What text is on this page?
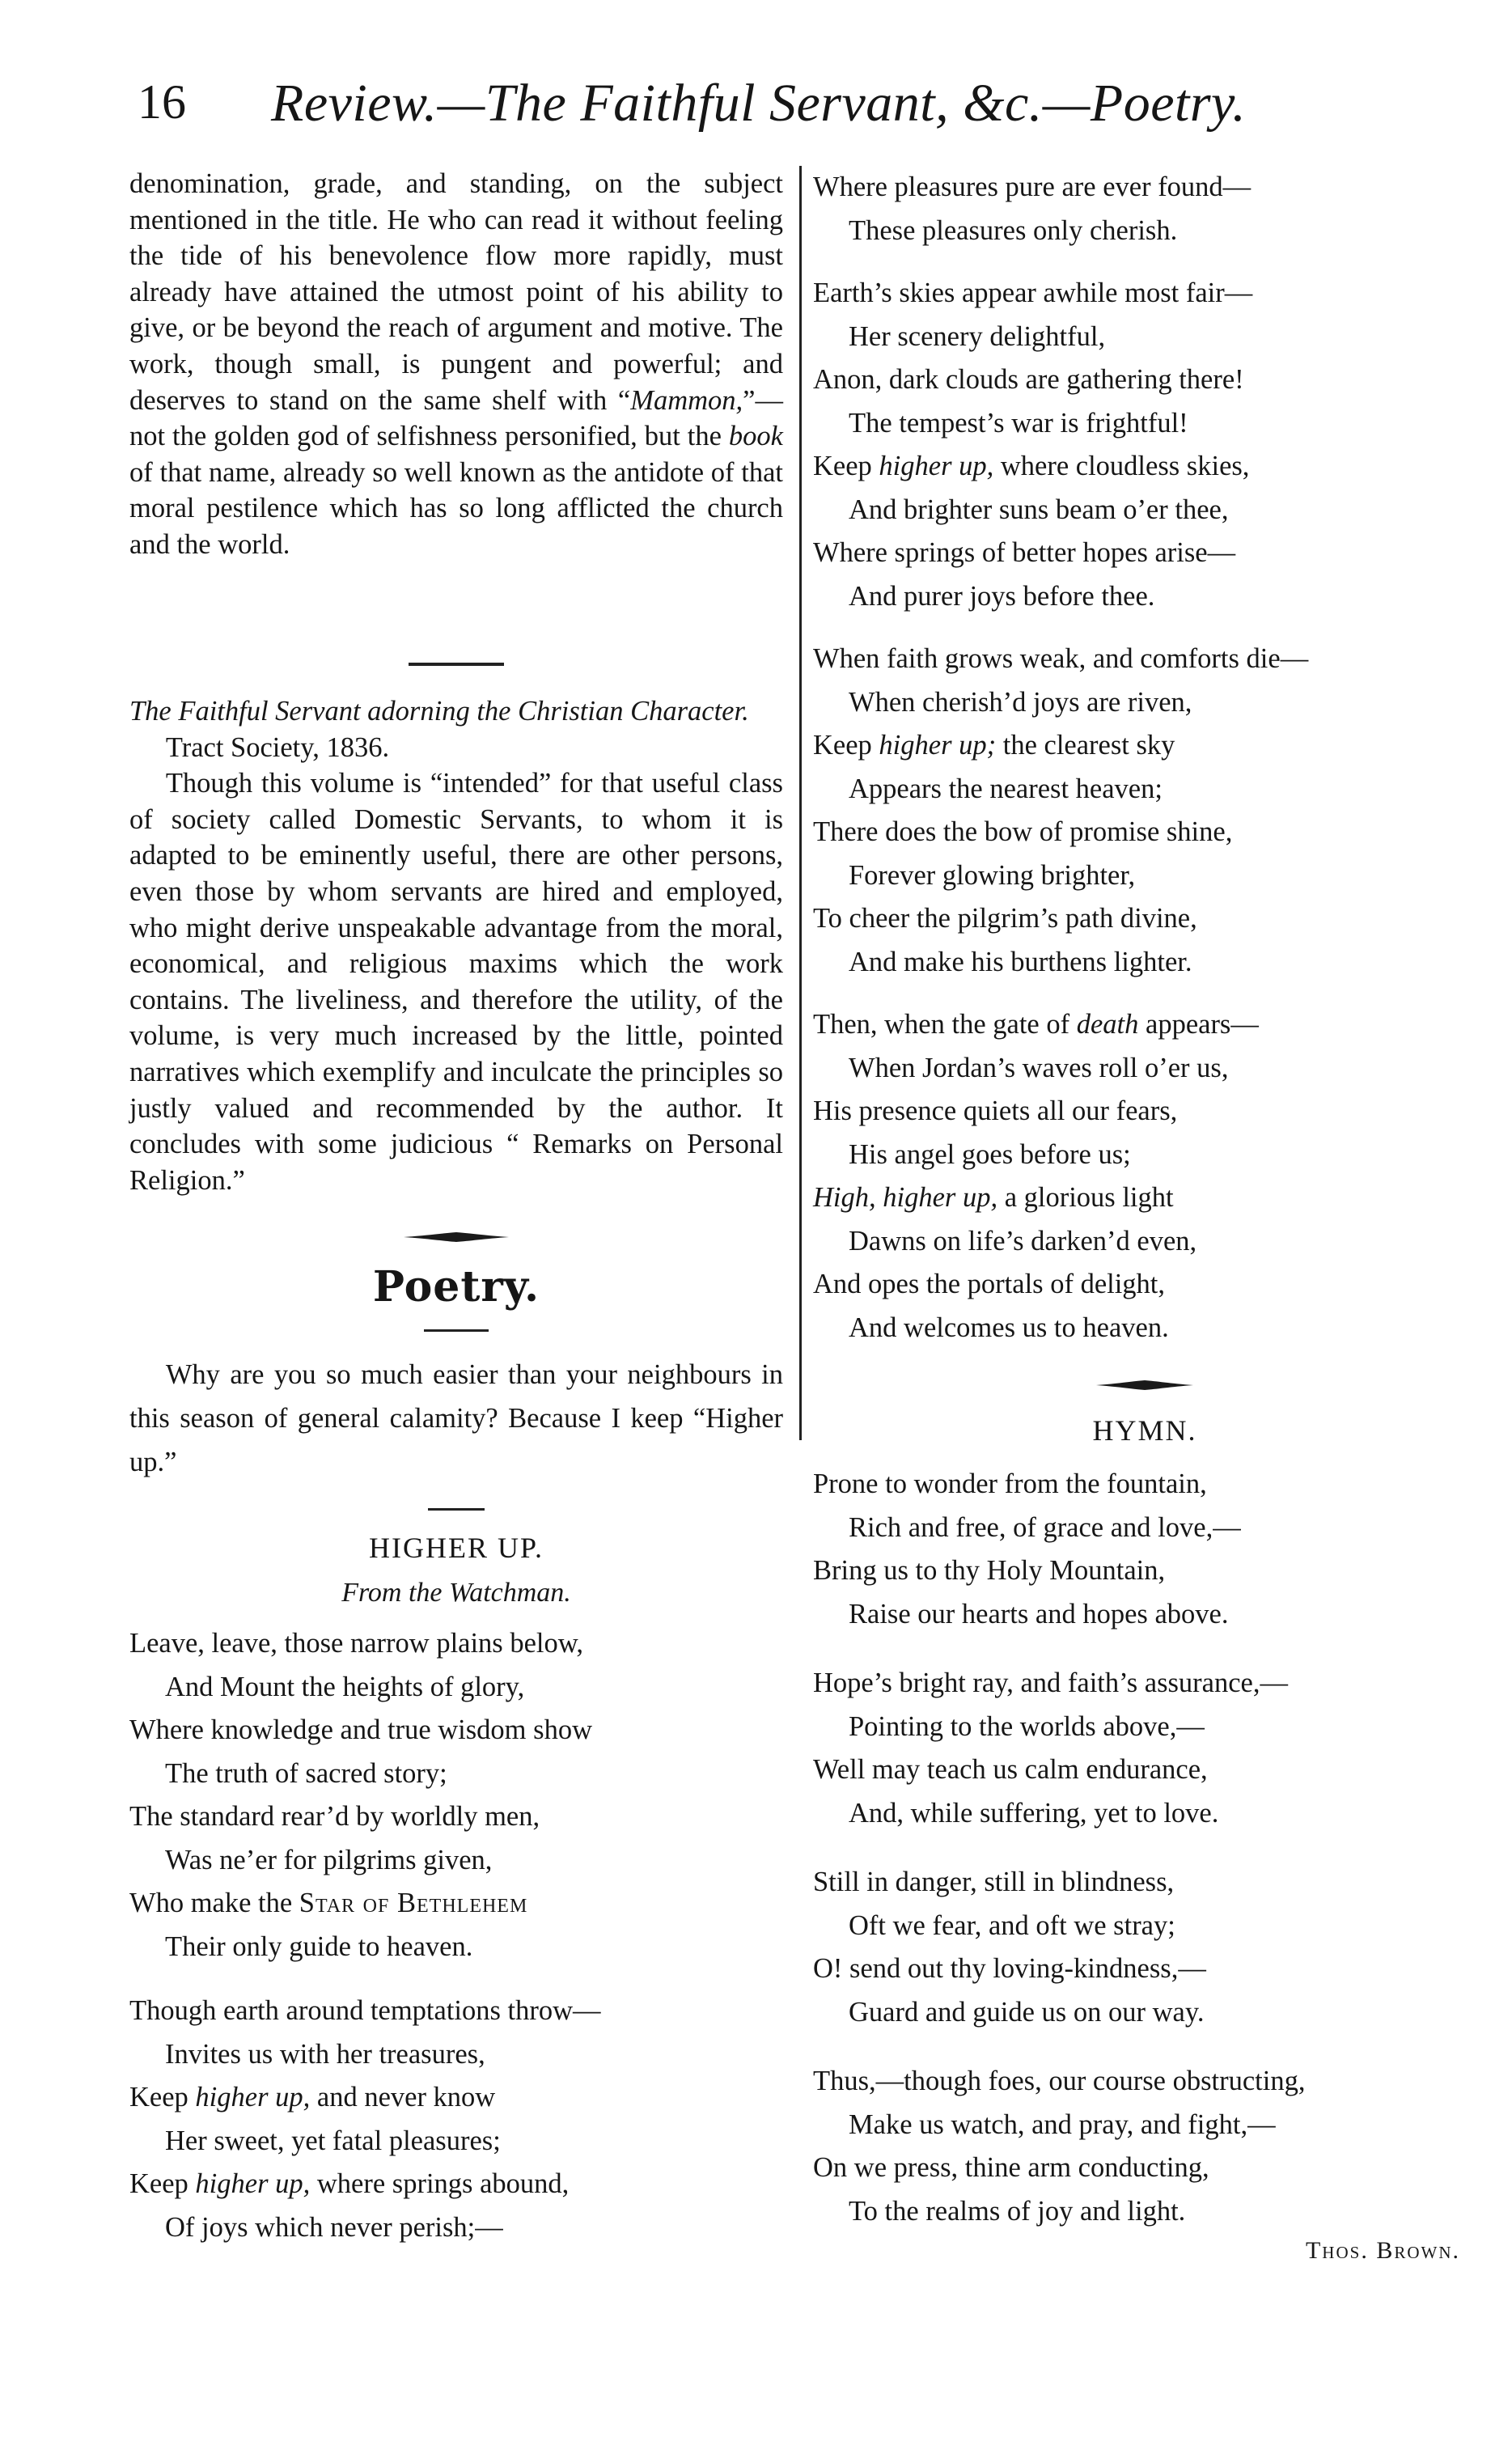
16 Review.—The Faithful Servant, &c.—Poetry.

denomination, grade, and standing, on the subject mentioned in the title. He who can read it without feeling the tide of his benevolence flow more rapidly, must already have attained the utmost point of his ability to give, or be beyond the reach of argument and motive. The work, though small, is pungent and powerful; and deserves to stand on the same shelf with “Mammon,”—not the golden god of selfishness personified, but the book of that name, already so well known as the antidote of that moral pestilence which has so long afflicted the church and the world.

The Faithful Servant adorning the Christian Character. Tract Society, 1836.

Though this volume is “intended” for that useful class of society called Domestic Servants, to whom it is adapted to be eminently useful, there are other persons, even those by whom servants are hired and employed, who might derive unspeakable advantage from the moral, economical, and religious maxims which the work contains. The liveliness, and therefore the utility, of the volume, is very much increased by the little, pointed narratives which exemplify and inculcate the principles so justly valued and recommended by the author. It concludes with some judicious “ Remarks on Personal Religion.”

Poetry.

Why are you so much easier than your neighbours in this season of general calamity? Because I keep “Higher up.”

HIGHER UP.

From the Watchman.

Leave, leave, those narrow plains below,
And Mount the heights of glory,
Where knowledge and true wisdom show
The truth of sacred story;
The standard rear’d by worldly men,
Was ne’er for pilgrims given,
Who make the Star of Bethlehem
Their only guide to heaven.
Though earth around temptations throw—
Invites us with her treasures,
Keep higher up, and never know
Her sweet, yet fatal pleasures;
Keep higher up, where springs abound,
Of joys which never perish;—
Where pleasures pure are ever found—
These pleasures only cherish.
Earth’s skies appear awhile most fair—
Her scenery delightful,
Anon, dark clouds are gathering there!
The tempest’s war is frightful!
Keep higher up, where cloudless skies,
And brighter suns beam o’er thee,
Where springs of better hopes arise—
And purer joys before thee.
When faith grows weak, and comforts die—
When cherish’d joys are riven,
Keep higher up; the clearest sky
Appears the nearest heaven;
There does the bow of promise shine,
Forever glowing brighter,
To cheer the pilgrim’s path divine,
And make his burthens lighter.
Then, when the gate of death appears—
When Jordan’s waves roll o’er us,
His presence quiets all our fears,
His angel goes before us;
High, higher up, a glorious light
Dawns on life’s darken’d even,
And opes the portals of delight,
And welcomes us to heaven.

HYMN.

Prone to wonder from the fountain,
Rich and free, of grace and love,—
Bring us to thy Holy Mountain,
Raise our hearts and hopes above.
Hope’s bright ray, and faith’s assurance,—
Pointing to the worlds above,—
Well may teach us calm endurance,
And, while suffering, yet to love.
Still in danger, still in blindness,
Oft we fear, and oft we stray;
O! send out thy loving-kindness,—
Guard and guide us on our way.
Thus,—though foes, our course obstructing,
Make us watch, and pray, and fight,—
On we press, thine arm conducting,
To the realms of joy and light.

Thos. Brown.
